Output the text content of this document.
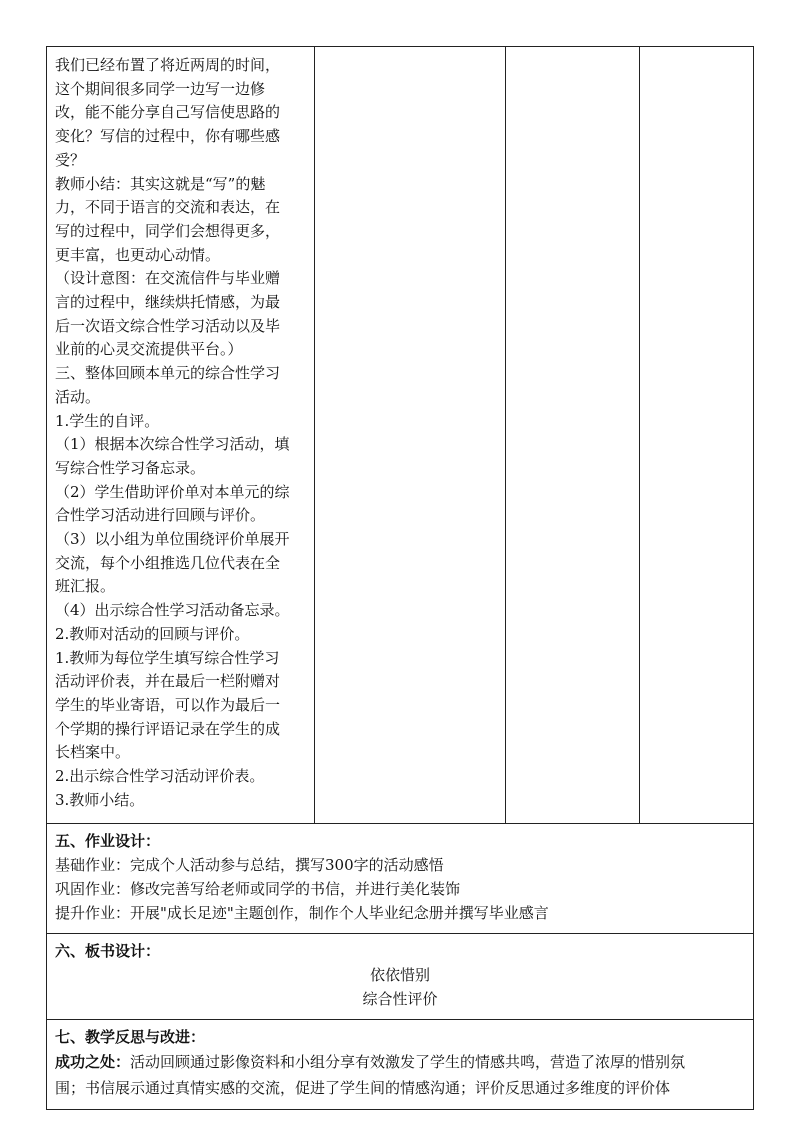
我们已经布置了将近两周的时间，
这个期间很多同学一边写一边修
改，能不能分享自己写信使思路的
变化？写信的过程中，你有哪些感
受？
教师小结：其实这就是“写”的魅
力，不同于语言的交流和表达，在
写的过程中，同学们会想得更多，
更丰富，也更动心动情。
（设计意图：在交流信件与毕业赠
言的过程中，继续烘托情感，为最
后一次语文综合性学习活动以及毕
业前的心灵交流提供平台。）
三、整体回顾本单元的综合性学习
活动。
1.学生的自评。
（1）根据本次综合性学习活动，填
写综合性学习备忘录。
（2）学生借助评价单对本单元的综
合性学习活动进行回顾与评价。
（3）以小组为单位围绕评价单展开
交流，每个小组推选几位代表在全
班汇报。
（4）出示综合性学习活动备忘录。
2.教师对活动的回顾与评价。
1.教师为每位学生填写综合性学习
活动评价表，并在最后一栏附赠对
学生的毕业寄语，可以作为最后一
个学期的操行评语记录在学生的成
长档案中。
2.出示综合性学习活动评价表。
3.教师小结。

五、作业设计：
基础作业：完成个人活动参与总结，撰写300字的活动感悟
巩固作业：修改完善写给老师或同学的书信，并进行美化装饰
提升作业：开展"成长足迹"主题创作，制作个人毕业纪念册并撰写毕业感言

六、板书设计：
依依惜别
综合性评价

七、教学反思与改进：
成功之处：活动回顾通过影像资料和小组分享有效激发了学生的情感共鸣，营造了浓厚的惜别氛
围；书信展示通过真情实感的交流，促进了学生间的情感沟通；评价反思通过多维度的评价体
